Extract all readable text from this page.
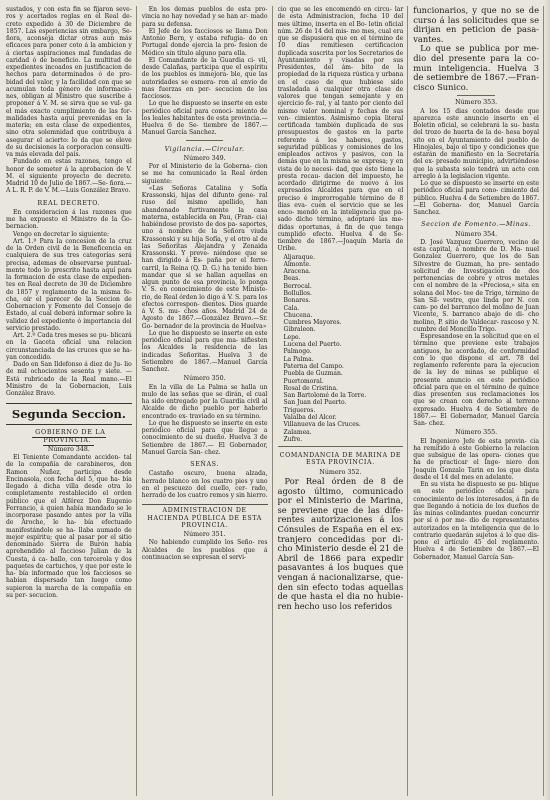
sustados, y con esta fin se fijaron seve- ros y acertados reglas en el Real de- creto expedido á 30 de Diciembre de 1857. Las esperiencias sin embargo, Se- ñora, aconseja dictar otras aun más eficaces para poner coto á la ambicion y á ciertas aspiraciones mal fundadas de caridad ó de beneficio. La multitud de expedientes incoados en justificacion de hechos para determinados ó de pro- bidad del valor, y la facilidad con que se acumulan toda género de informacio- nes, obligan al Ministro que suscribe á proponer á V. M. se sirva que se vul- ga el más exacto cumplimiento de las for- malidades hasta aquí prevenidas en la materia; en esta clase de expedientes, sino otra solemnidad que contribuya á asegurar el acierto: lo da que se eleve de su decisiones la corporacion consulti- va más elevada del país.

Fundado en estas razones, tengo el honor de someter á la aprobacion de V. M. el siguiente proyecto de decreto. Madrid 10 de Julio de 1867.—Se- ñora.—A L. R. P. de V. M.—Luis González Bravo.

REAL DECRETO.

En consideracion á las razones que me ha expuesto el Ministro de la Go- bernacion.

Vengo en decretar lo siguiente:

Art. 1.º Para la concesion de la cruz de la Orden civil de la Beneficencia en cualquiera de sus tres categorías será precisa, ademas de observarse puntual- mente todo lo prescrito hasta aquí para la formacion de esta clase de expedien- tes en Real decreto de 30 de Diciembre de 1857 y reglamento de la misma fe- cha, oír el parecer de la Seccion de Gobernacion y Fomento del Consejo de Estado, al cual deberá informar sobre la validez del expediente ó importancia del servicio prestado.

Art. 2.º Cada tres meses se pu- blicará en la Gaceta oficial una relacion circunstanciada de las cruces que se ha- yan concedido.

Dado en San Ildefonso á diez de Ju- lio de mil ochocientos sesenta y siete. —Está rubricado de la Real mano.—El Ministro de la Gobernacion, Luis González Bravo.

Segunda Seccion.
GOBIERNO DE LA PROVINCIA.
Número 348.

El Teniente Comandante acciden- tal de la compañía de carabineros, don Ramon Nuñez, participa desde Encinasola, con fecha del 5, que ha- bía llegado á dicha villa desde otra lo completamente restablecido el orden público que el Alférez Don Eugenio Ferrancio, á quien había mandado se le incorporase pasando antes por la villa de Aroche, le ha- bía efectuado manifestándole se ha- llaba aumado de mejor espíritu; que al pasar por el sitio denominado Sierra de Burón había aprehendido al faccioso Julian de la Cuesta, á ca- ballo, con tercerola y dos paquetes de cartuchos, y que por este le ha- bía informado que los facciosos se habían dispersado tan luego como supieron la marcha de la compañía en su per- secucion.

En los demas pueblos de esta pro- vincia no hay novedad y se han ar- mado para su defensa.

El Jefe de los facciosos se llama Don Antonio Bern, y estaba refugia- do en Portugal donde ejercia la pro- fesion de Médico sin título alguno para ella.

El Comandante de la Guardia ci- vil, desde Calañas, participa que el espíritu de los pueblos es inmejora- ble, que las autoridades se esmera- ron al envio de mas fuerzas en per- secucion de los facciosos.

Lo que he dispuesto se inserte en este periódico oficial para conoci- miento de los leales habitantes de esta provincia.—Huelva 6 de Se- tiembre de 1867.—Manuel García Sanchez.

Vigilancia.—Circular.
Número 349.

Por el Ministerio de la Goberna- cion se me ha comunicado la Real órden siguiente:

«Las Señoras Catalina y Sofía Krassonski, hijas del difunto gene- ral ruso del mismo apellido, han abandonado furtivamente la casa materna, establecida en Pau, (Fran- cia) habiéndose provisto de dos pa- saportes, uno á nombre de la Señora viuda Krassonski y su hija Sofía, y el otro al de las Señoritas Alejandra y Zenaida Krassonski. Y preve- niéndose que se han dirigido á Es- paña por el ferro-carril, la Reina (Q. D. G.) ha tenido bien mandar que si se hallan aquellas en algun punto de esa provincia, lo ponga V. S. en conocimiento de este Ministe- rio, de Real órden lo digo á V. S. para los efectos correspon- dientes. Dios guarde á V. S. mu- chos años. Madrid 24 de Agosto de 1867.—González Bravo.—Sr. Go- bernador de la provincia de Huelva»

Lo que he dispuesto se inserte en este periódico oficial para que ma- nifiesten los Alcaldes la residencia de las indicadas Señoritas. Huelva 3 de Setiembre de 1867.—Manuel García Sanchez.

Número 350.

En la villa de La Palma se halla un mulo de las señas que se dirán, el cual ha sido entregado por la Guardia civil al Alcalde de dicho pueblo por haberlo encontrado ex- traviado en su término.

Lo que he dispuesto se inserte en este periódico oficial para que llegue a conocimiento de su dueño. Huelva 3 de Setiembre de 1867.— El Gobernador, Manuel García San- chez.

SEÑAS.

Castaño oscuro, buena alzada, herrado blanco en los cuatro pies y uno en el pescuezo del cuello, cer- rado, herrado de los cuatro remos y sin hierro.

ADMINISTRACION DE HACIENDA PÚBLICA DE ESTA PROVINCIA.
Número 351.

No habiendo cumplido los Seño- res Alcaldes de los pueblos que á continuacion se expresan el servi-

cio que se les encomendó en circu- lar de esta Administracion, fecha 10 del mes último, inserta en el Bo- letin oficial núm. 26 de 14 del mis- mo mes, cual era que se dispusiera que en el término de 10 dias remitiesen certificacion duplicada suscrita por los Secretarios de Ayuntamiento y visadas por sus Presidentes, del ám- bito de la propiedad de la riqueza rústica y urbana en el caso de que hubiese sido trasladada á cualquier otra clase de valores que tengan semejante y en ejercicio fe- ral, y al tanto por ciento del mismo valor nominal y fechas de sus ven- cimientos. Asimismo copia literal certificada también duplicada de sus presupuestos de gastos en la parte referente á los haberes, gastos, seguridad públicas y comisiones de los empleados activos y pasivos, con la demás que en la misma se expresa; y en vista de lo necesi- dad, que ésto tiene la presta recau- dacion del impuesto, he acordado dirigirme de nuevo á los expresados Alcaldes para que en el preciso é improrrogable término de 8 dias eva- cuen el servicio que se les enco- mendó en la inteligencia que pa- sado dicho término, adoptaré las me- didas oportunas, á fin de que tenga cumplido efecto. Huelva 4 de Se- tiembre de 1867.—Joaquín María de Uribe.

Aljaraque.
Almonte.
Aracena.
Beas.
Berrocal.
Bollullos.
Bonares.
Cala.
Chucena.
Cumbres Mayores.
Gibraleon.
Lepe.
Lucena del Puerto.
Palmogo.
La Palma.
Paterna del Campo.
Puebla de Guzman.
Puertomoral.
Rosal de Cristina.
San Bartolomé de la Torre.
San Juan del Puerto.
Trigueros.
Valalba del Alcor.
Villanueva de las Cruces.
Zalamea.
Zufre.
COMANDANCIA DE MARINA DE ESTA PROVINCIA.
Número 352.

Por Real órden de 8 de agosto último, comunicado por el Ministerio de Marina, se previene que de las dife- rentes autorizaciones á los Cónsules de España en el ex- tranjero concedidas por di- cho Ministerio desde el 21 de Abril de 1866 para expedir pasavantes á los buques que vengan á nacionalizarse, que- den sin efecto todas aquellas de que hasta el dia no hubie- ren hecho uso los referidos

funcionarios, y que no se de curso á las solicitudes que se dirijan en peticion de pasa- vantes.

Lo que se publica por me- dio del presente para la co- mun inteligencia. Huelva 3 de setiembre de 1867.—Fran- cisco Sunico.

Número 353.

A los 15 dias contados desde que aparezca este anuncio inserto en el Boletin oficial, se celebrará la su- basta del trozo de huerta de la de- hesa boyal sito en el Ayuntamiento del pueblo de Hinojales, bajo el tipo y condiciones que estarán de manifiesto en la Secretaría del ex- presado municipio, advirtiéndose que la subasta solo tendrá un acto con arreglo á la legislacion vigente.

Lo que se dispuesto se inserte en este periódico oficial para cono- cimiento del público. Huelva 4 de Setiembre de 1867.—El Goberna- dor, Manuel García Sanchez.

Seccion de Fomento.—Minas.
Número 354.

D. José Vazquez Guerrero, vecino de esta capital, á nombre de D. Ma- nuel Gonzalez Guerrero, que los de San Silvestre de Guzman, ha pre- sentado solicitud de Investigacion de dos pertenencias de cobre y otros metales con el nombre de la «Preciosa,» sita en solana del Moc- tee de Trigo, término de San Sil- vestre, que linda por N. con cam- po del barranco del molino de Juan Vicente, S. barranco abajo de di- cho molino, P. sitio de Valdecar- rascoso y N. cumbre del Moncillo Trigo.

Espresandose en la solicitud que en el término que previene este trabajos antiguos, he acordado, de conformidad con lo que dispone el art. 78 del reglamento referente para la ejecucion de la ley de minas se publique el presente anuncio en este periódico oficial para que en el término de quince dias presenten sus reclamaciones los que se crean con derecho al terreno expresado. Huelva 4 de Setiembre de 1867.— El Gobernador, Manuel García San- chez.

Número 355.

El Ingeniero Jefe de esta provin- cia ha remitido á este Gobierno la relacion que subsigue de las opera- ciones que ha de practicar el Inge- niero don Joaquín Gonzalo Tarin en los que dista desde el 14 del mes en adelante.

En su vista he dispuesto se pu- blique en este periódico oficial para conocimiento de los interesados, á fin de que llegando á noticia de los dueños de las minas colindantes puedan concurrir por sí ó por me- dio de representantes autorizados en la inteligencia que de lo contrario quedarán sujetos á lo que dis- pone el artículo 45 del reglamento. Huelva 4 de Setiembre de 1867.—El Gobernador, Manuel García San-
